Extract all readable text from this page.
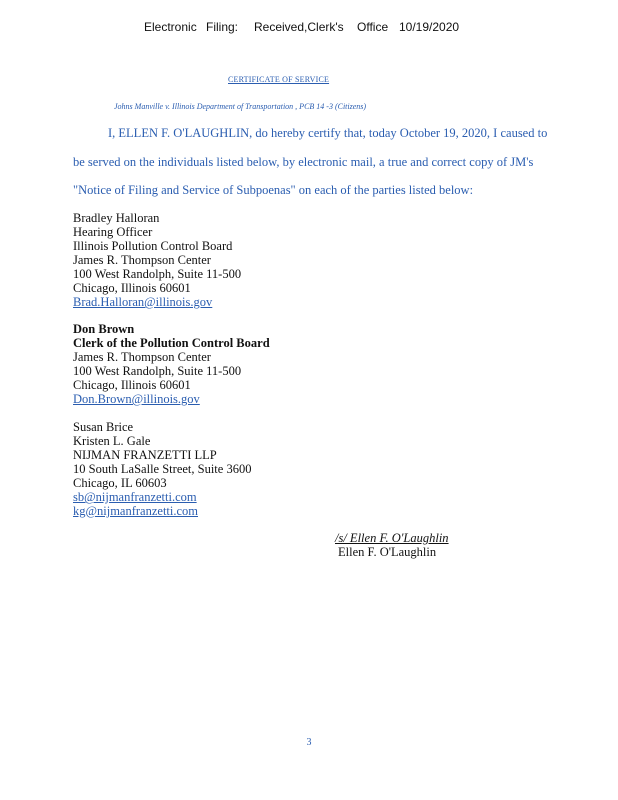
Electronic Filing: Received,Clerk's Office 10/19/2020
CERTIFICATE OF SERVICE
Johns Manville v. Illinois Department of Transportation , PCB 14 -3 (Citizens)
I, ELLEN F. O'LAUGHLIN, do hereby certify that, today October 19, 2020, I caused to
be served on the individuals listed below, by electronic mail, a true and correct copy of JM's
"Notice of Filing and Service of Subpoenas" on each of the parties listed below:
Bradley Halloran
Hearing Officer
Illinois Pollution Control Board
James R. Thompson Center
100 West Randolph, Suite 11-500
Chicago, Illinois 60601
Brad.Halloran@illinois.gov
Don Brown
Clerk of the Pollution Control Board
James R. Thompson Center
100 West Randolph, Suite 11-500
Chicago, Illinois 60601
Don.Brown@illinois.gov
Susan Brice
Kristen L. Gale
NIJMAN FRANZETTI LLP
10 South LaSalle Street, Suite 3600
Chicago, IL 60603
sb@nijmanfranzetti.com
kg@nijmanfranzetti.com
/s/ Ellen F. O'Laughlin
Ellen F. O'Laughlin
3
